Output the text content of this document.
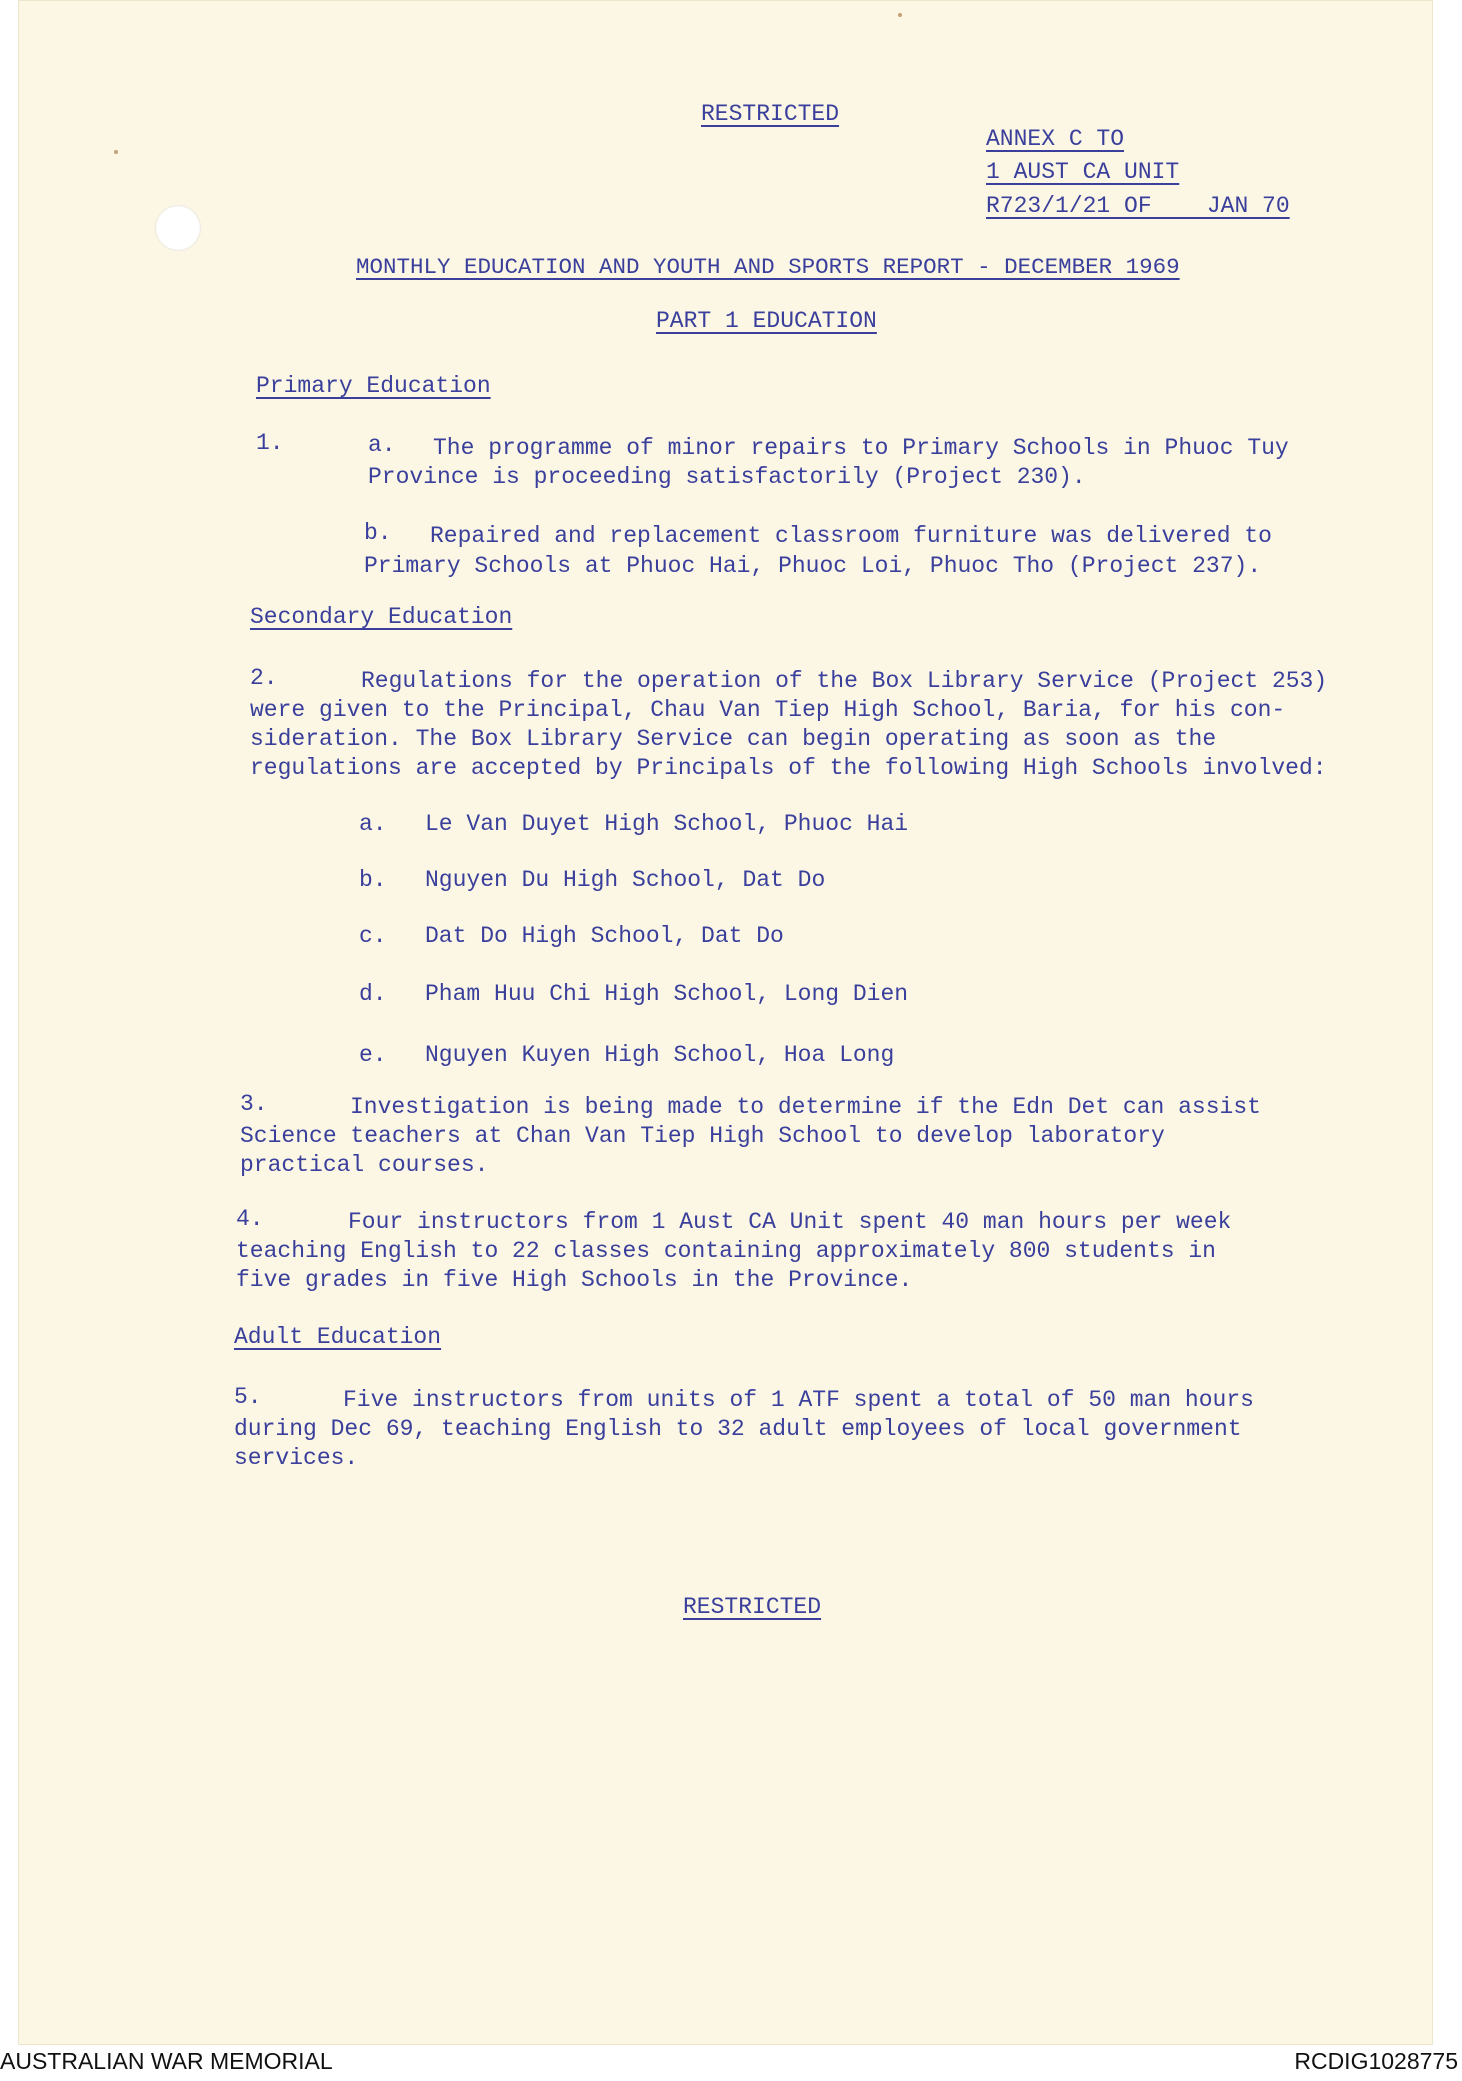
RESTRICTED

ANNEX C TO

1 AUST CA UNIT

R723/1/21 OF    JAN 70

MONTHLY EDUCATION AND YOUTH AND SPORTS REPORT - DECEMBER 1969

PART 1 EDUCATION

Primary Education

1.	a. The programme of minor repairs to Primary Schools in Phuoc Tuy
Province is proceeding satisfactorily (Project 230).

b. Repaired and replacement classroom furniture was delivered to
Primary Schools at Phuoc Hai, Phuoc Loi, Phuoc Tho (Project 237).

Secondary Education

2.	Regulations for the operation of the Box Library Service (Project 253)
were given to the Principal, Chau Van Tiep High School, Baria, for his con-
sideration. The Box Library Service can begin operating as soon as the
regulations are accepted by Principals of the following High Schools involved:

a. Le Van Duyet High School, Phuoc Hai

b. Nguyen Du High School, Dat Do

c. Dat Do High School, Dat Do

d. Pham Huu Chi High School, Long Dien

e. Nguyen Kuyen High School, Hoa Long

3.	Investigation is being made to determine if the Edn Det can assist
Science teachers at Chan Van Tiep High School to develop laboratory
practical courses.

4.	Four instructors from 1 Aust CA Unit spent 40 man hours per week
teaching English to 22 classes containing approximately 800 students in
five grades in five High Schools in the Province.

Adult Education

5.	Five instructors from units of 1 ATF spent a total of 50 man hours
during Dec 69, teaching English to 32 adult employees of local government
services.

RESTRICTED

AUSTRALIAN WAR MEMORIAL	RCDIG1028775
